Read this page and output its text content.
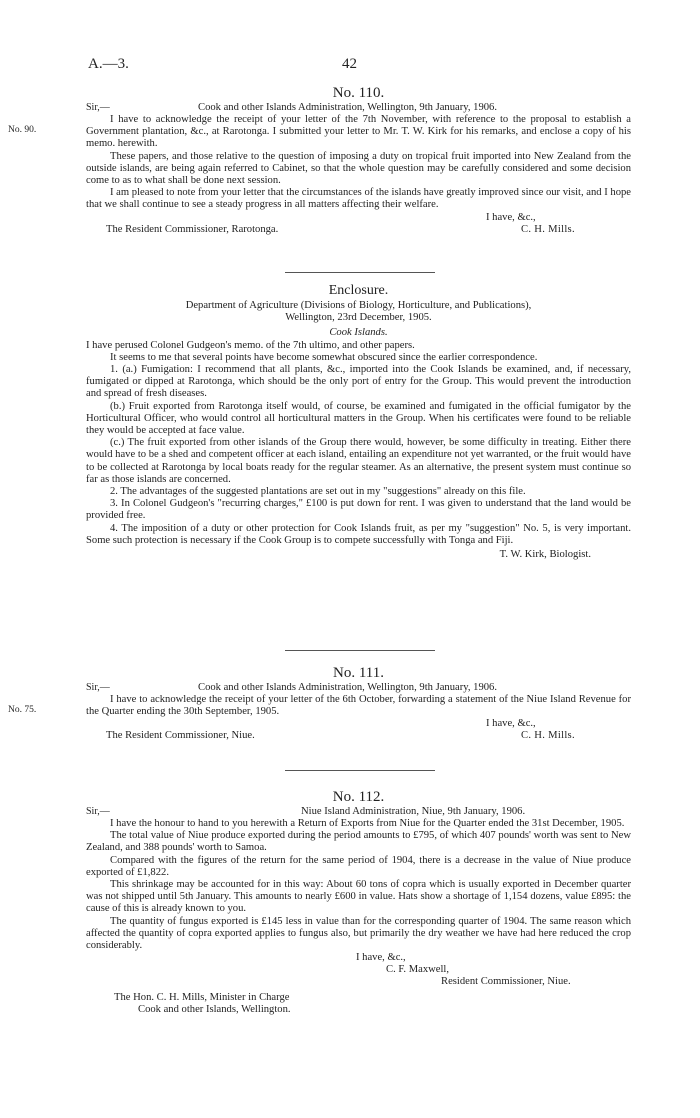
A.—3.	42
No. 110.
Sir,—	Cook and other Islands Administration, Wellington, 9th January, 1906.

I have to acknowledge the receipt of your letter of the 7th November, with reference to the proposal to establish a Government plantation, &c., at Rarotonga. I submitted your letter to Mr. T. W. Kirk for his remarks, and enclose a copy of his memo. herewith.

These papers, and those relative to the question of imposing a duty on tropical fruit imported into New Zealand from the outside islands, are being again referred to Cabinet, so that the whole question may be carefully considered and some decision come to as to what shall be done next session.

I am pleased to note from your letter that the circumstances of the islands have greatly improved since our visit, and I hope that we shall continue to see a steady progress in all matters affecting their welfare.

I have, &c.,
The Resident Commissioner, Rarotonga.	C. H. Mills.
No. 90.
Enclosure.
Department of Agriculture (Divisions of Biology, Horticulture, and Publications),
Wellington, 23rd December, 1905.
Cook Islands.

I have perused Colonel Gudgeon's memo. of the 7th ultimo, and other papers.

It seems to me that several points have become somewhat obscured since the earlier correspondence.

1. (a.) Fumigation: I recommend that all plants, &c., imported into the Cook Islands be examined, and, if necessary, fumigated or dipped at Rarotonga, which should be the only port of entry for the Group. This would prevent the introduction and spread of fresh diseases.

(b.) Fruit exported from Rarotonga itself would, of course, be examined and fumigated in the official fumigator by the Horticultural Officer, who would control all horticultural matters in the Group. When his certificates were found to be reliable they would be accepted at face value.

(c.) The fruit exported from other islands of the Group there would, however, be some difficulty in treating. Either there would have to be a shed and competent officer at each island, entailing an expenditure not yet warranted, or the fruit would have to be collected at Rarotonga by local boats ready for the regular steamer. As an alternative, the present system must continue so far as those islands are concerned.

2. The advantages of the suggested plantations are set out in my "suggestions" already on this file.

3. In Colonel Gudgeon's "recurring charges," £100 is put down for rent. I was given to understand that the land would be provided free.

4. The imposition of a duty or other protection for Cook Islands fruit, as per my "suggestion" No. 5, is very important. Some such protection is necessary if the Cook Group is to compete successfully with Tonga and Fiji.

T. W. Kirk, Biologist.
No. 111.
Sir,—	Cook and other Islands Administration, Wellington, 9th January, 1906.

I have to acknowledge the receipt of your letter of the 6th October, forwarding a statement of the Niue Island Revenue for the Quarter ending the 30th September, 1905.

I have, &c.,
The Resident Commissioner, Niue.	C. H. Mills.
No. 75.
No. 112.
Sir,—	Niue Island Administration, Niue, 9th January, 1906.

I have the honour to hand to you herewith a Return of Exports from Niue for the Quarter ended the 31st December, 1905.

The total value of Niue produce exported during the period amounts to £795, of which 407 pounds' worth was sent to New Zealand, and 388 pounds' worth to Samoa.

Compared with the figures of the return for the same period of 1904, there is a decrease in the value of Niue produce exported of £1,822.

This shrinkage may be accounted for in this way: About 60 tons of copra which is usually exported in December quarter was not shipped until 5th January. This amounts to nearly £600 in value. Hats show a shortage of 1,154 dozens, value £895: the cause of this is already known to you.

The quantity of fungus exported is £145 less in value than for the corresponding quarter of 1904. The same reason which affected the quantity of copra exported applies to fungus also, but primarily the dry weather we have had here reduced the crop considerably.

I have, &c.,
C. F. Maxwell,
Resident Commissioner, Niue.
The Hon. C. H. Mills, Minister in Charge
Cook and other Islands, Wellington.
